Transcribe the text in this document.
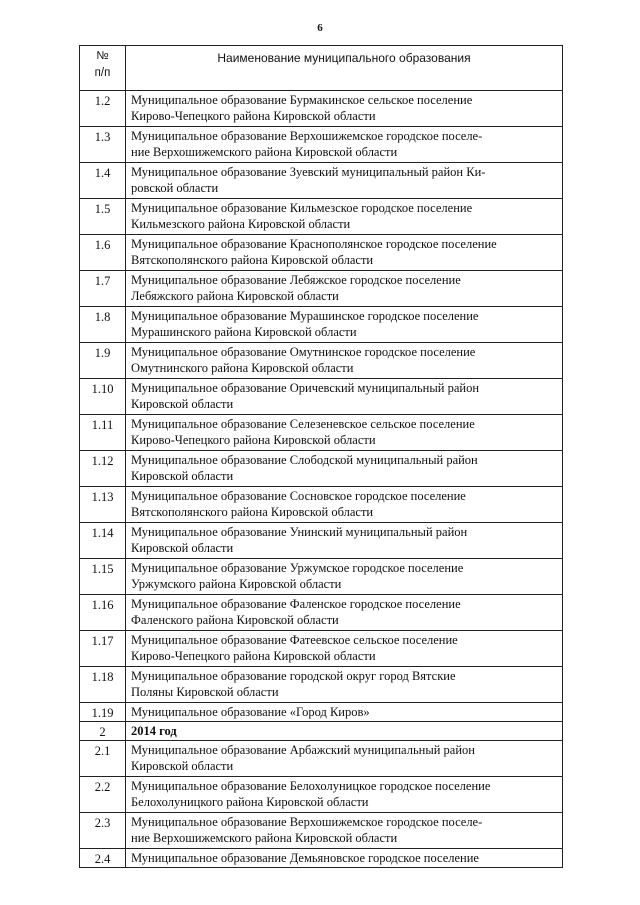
6
№
п/п	Наименование муниципального образования
1.2	Муниципальное образование Бурмакинское сельское поселение
Кирово-Чепецкого района Кировской области

1.3	Муниципальное образование Верхошижемское городское поселе-
ние Верхошижемского района Кировской области

1.4	Муниципальное образование Зуевский муниципальный район Ки-
ровской области

1.5	Муниципальное образование Кильмезское городское поселение
Кильмезского района Кировской области

1.6	Муниципальное образование Краснополянское городское поселение
Вятскополянского района Кировской области

1.7	Муниципальное образование Лебяжское городское поселение
Лебяжского района Кировской области

1.8	Муниципальное образование Мурашинское городское поселение
Мурашинского района Кировской области

1.9	Муниципальное образование Омутнинское городское поселение
Омутнинского района Кировской области

1.10	Муниципальное образование Оричевский муниципальный район
Кировской области

1.11	Муниципальное образование Селезеневское сельское поселение
Кирово-Чепецкого района Кировской области

1.12	Муниципальное образование Слободской муниципальный район
Кировской области

1.13	Муниципальное образование Сосновское городское поселение
Вятскополянского района Кировской области

1.14	Муниципальное образование Унинский муниципальный район
Кировской области

1.15	Муниципальное образование Уржумское городское поселение
Уржумского района Кировской области

1.16	Муниципальное образование Фаленское городское поселение
Фаленского района Кировской области

1.17	Муниципальное образование Фатеевское сельское поселение
Кирово-Чепецкого района Кировской области

1.18	Муниципальное образование городской округ город Вятские
Поляны Кировской области

1.19	Муниципальное образование «Город Киров»

2	2014 год

2.1	Муниципальное образование Арбажский муниципальный район
Кировской области

2.2	Муниципальное образование Белохолуницкое городское поселение
Белохолуницкого района Кировской области

2.3	Муниципальное образование Верхошижемское городское поселе-
ние Верхошижемского района Кировской области

2.4	Муниципальное образование Демьяновское городское поселение
